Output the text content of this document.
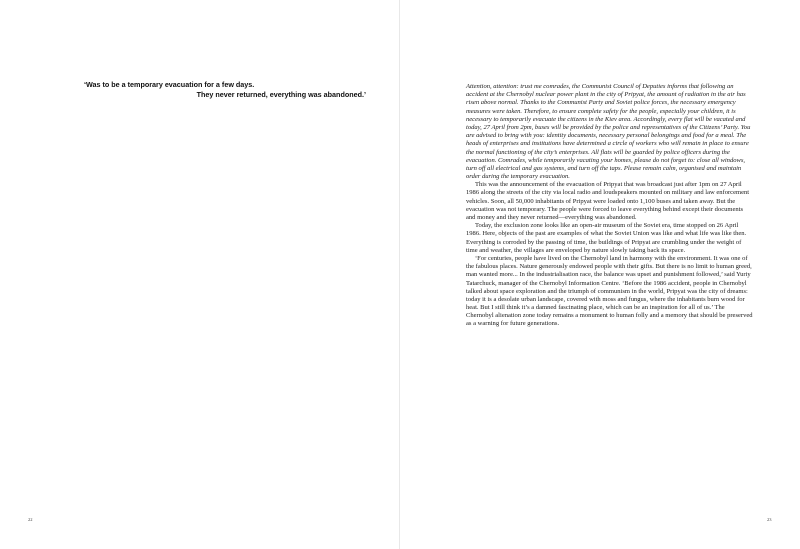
‘Was to be a temporary evacuation for a few days.
They never returned, everything was abandoned.’
22

Attention, attention: trust me comrades, the Communist Council of Deputies informs that following an accident at the Chernobyl nuclear power plant in the city of Pripyat, the amount of radiation in the air has risen above normal. Thanks to the Communist Party and Soviet police forces, the necessary emergency measures were taken. Therefore, to ensure complete safety for the people, especially your children, it is necessary to temporarily evacuate the citizens in the Kiev area. Accordingly, every flat will be vacated and today, 27 April from 2pm, buses will be provided by the police and representatives of the Citizens’ Party. You are advised to bring with you: identity documents, necessary personal belongings and food for a meal. The heads of enterprises and institutions have determined a circle of workers who will remain in place to ensure the normal functioning of the city’s enterprises. All flats will be guarded by police officers during the evacuation. Comrades, while temporarily vacating your homes, please do not forget to: close all windows, turn off all electrical and gas systems, and turn off the taps. Please remain calm, organised and maintain order during the temporary evacuation.

This was the announcement of the evacuation of Pripyat that was broadcast just after 1pm on 27 April 1986 along the streets of the city via local radio and loudspeakers mounted on military and law enforcement vehicles. Soon, all 50,000 inhabitants of Pripyat were loaded onto 1,100 buses and taken away. But the evacuation was not temporary. The people were forced to leave everything behind except their documents and money and they never returned—everything was abandoned.

Today, the exclusion zone looks like an open-air museum of the Soviet era, time stopped on 26 April 1986. Here, objects of the past are examples of what the Soviet Union was like and what life was like then. Everything is corroded by the passing of time, the buildings of Pripyat are crumbling under the weight of time and weather, the villages are enveloped by nature slowly taking back its space.

‘For centuries, people have lived on the Chernobyl land in harmony with the environment. It was one of the fabulous places. Nature generously endowed people with their gifts. But there is no limit to human greed, man wanted more... In the industrialisation race, the balance was upset and punishment followed,’ said Yuriy Tatarchuck, manager of the Chernobyl Information Centre. ‘Before the 1986 accident, people in Chernobyl talked about space exploration and the triumph of communism in the world, Pripyat was the city of dreams: today it is a desolate urban landscape, covered with moss and fungus, where the inhabitants burn wood for heat. But I still think it’s a damned fascinating place, which can be an inspiration for all of us.’ The Chernobyl alienation zone today remains a monument to human folly and a memory that should be preserved as a warning for future generations.

23
